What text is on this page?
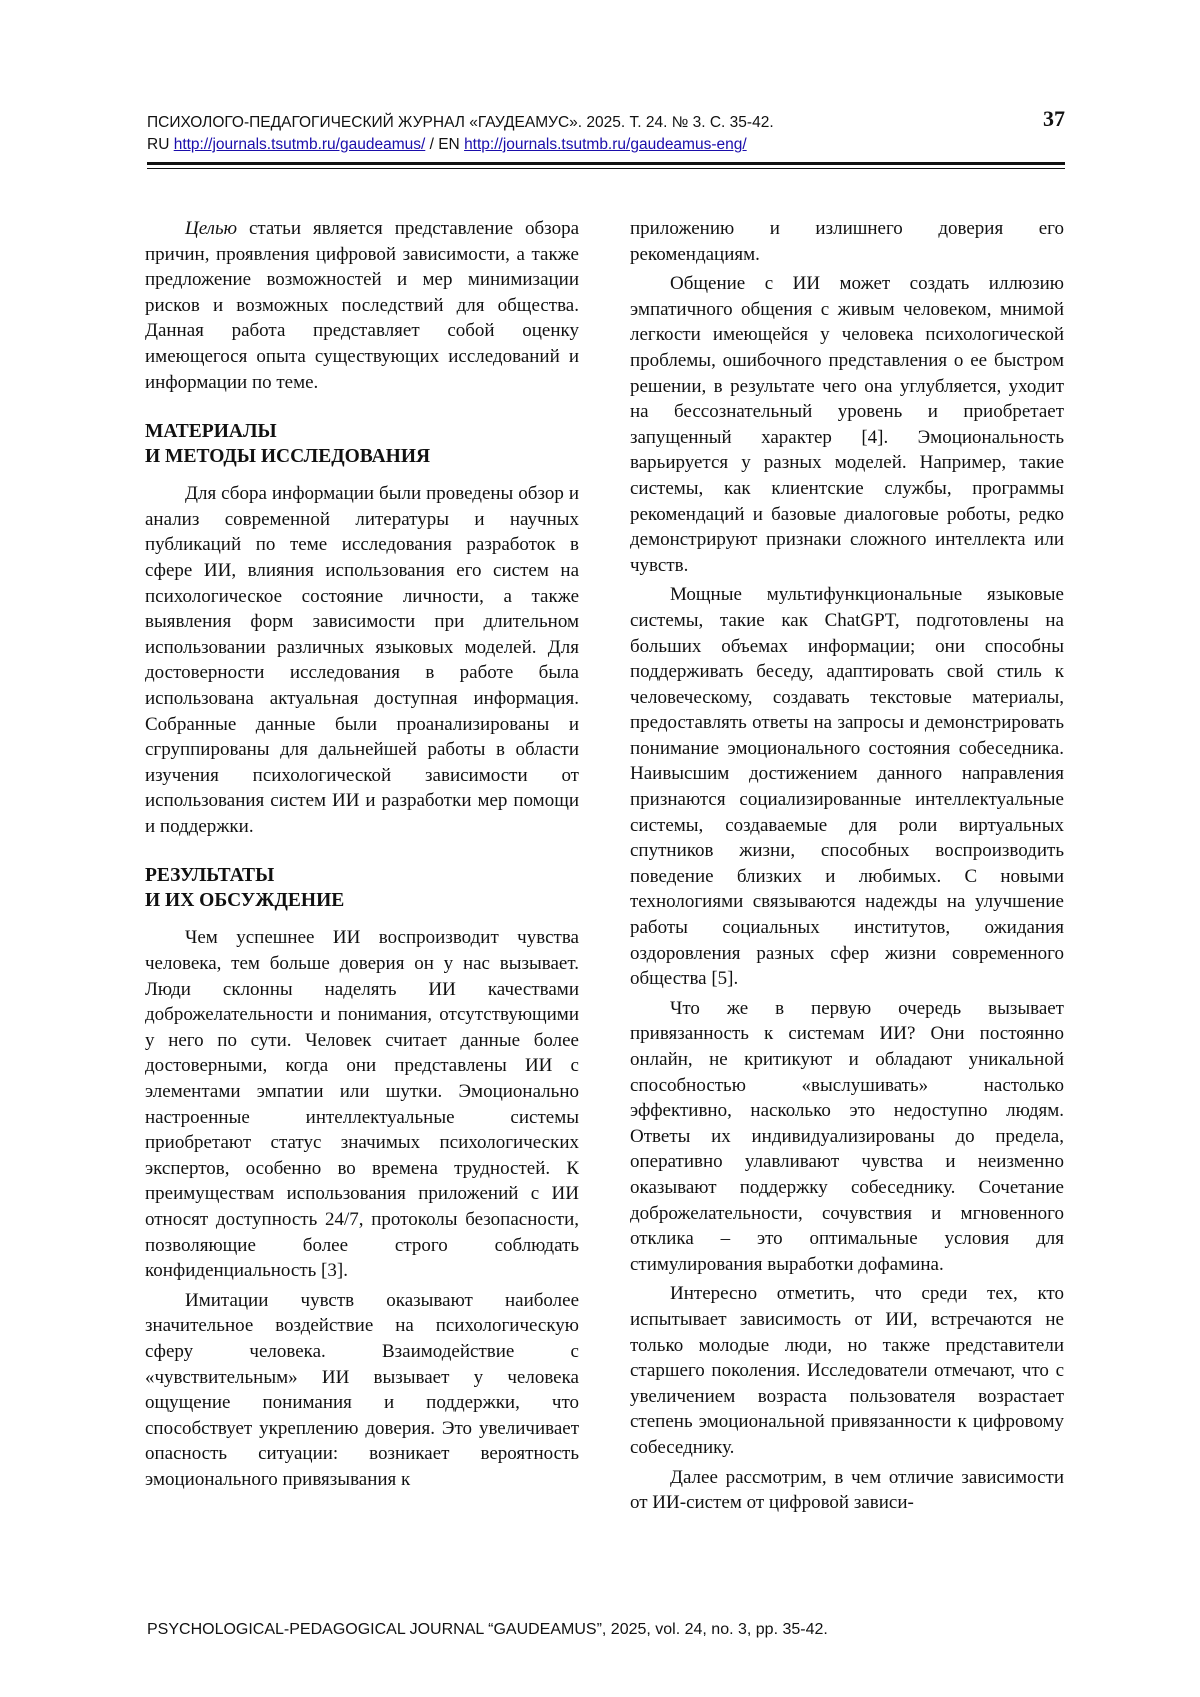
ПСИХОЛОГО-ПЕДАГОГИЧЕСКИЙ ЖУРНАЛ «ГАУДЕАМУС». 2025. Т. 24. № 3. С. 35-42.
RU http://journals.tsutmb.ru/gaudeamus/ / EN http://journals.tsutmb.ru/gaudeamus-eng/
37

Целью статьи является представление обзора причин, проявления цифровой зависимости, а также предложение возможностей и мер минимизации рисков и возможных последствий для общества. Данная работа представляет собой оценку имеющегося опыта существующих исследований и информации по теме.

МАТЕРИАЛЫ
И МЕТОДЫ ИССЛЕДОВАНИЯ

Для сбора информации были проведены обзор и анализ современной литературы и научных публикаций по теме исследования разработок в сфере ИИ, влияния использования его систем на психологическое состояние личности, а также выявления форм зависимости при длительном использовании различных языковых моделей. Для достоверности исследования в работе была использована актуальная доступная информация. Собранные данные были проанализированы и сгруппированы для дальнейшей работы в области изучения психологической зависимости от использования систем ИИ и разработки мер помощи и поддержки.

РЕЗУЛЬТАТЫ
И ИХ ОБСУЖДЕНИЕ

Чем успешнее ИИ воспроизводит чувства человека, тем больше доверия он у нас вызывает. Люди склонны наделять ИИ качествами доброжелательности и понимания, отсутствующими у него по сути. Человек считает данные более достоверными, когда они представлены ИИ с элементами эмпатии или шутки. Эмоционально настроенные интеллектуальные системы приобретают статус значимых психологических экспертов, особенно во времена трудностей. К преимуществам использования приложений с ИИ относят доступность 24/7, протоколы безопасности, позволяющие более строго соблюдать конфиденциальность [3].

Имитации чувств оказывают наиболее значительное воздействие на психологическую сферу человека. Взаимодействие с «чувствительным» ИИ вызывает у человека ощущение понимания и поддержки, что способствует укреплению доверия. Это увеличивает опасность ситуации: возникает вероятность эмоционального привязывания к

приложению и излишнего доверия его рекомендациям.

Общение с ИИ может создать иллюзию эмпатичного общения с живым человеком, мнимой легкости имеющейся у человека психологической проблемы, ошибочного представления о ее быстром решении, в результате чего она углубляется, уходит на бессознательный уровень и приобретает запущенный характер [4]. Эмоциональность варьируется у разных моделей. Например, такие системы, как клиентские службы, программы рекомендаций и базовые диалоговые роботы, редко демонстрируют признаки сложного интеллекта или чувств.

Мощные мультифункциональные языковые системы, такие как ChatGPT, подготовлены на больших объемах информации; они способны поддерживать беседу, адаптировать свой стиль к человеческому, создавать текстовые материалы, предоставлять ответы на запросы и демонстрировать понимание эмоционального состояния собеседника. Наивысшим достижением данного направления признаются социализированные интеллектуальные системы, создаваемые для роли виртуальных спутников жизни, способных воспроизводить поведение близких и любимых. С новыми технологиями связываются надежды на улучшение работы социальных институтов, ожидания оздоровления разных сфер жизни современного общества [5].

Что же в первую очередь вызывает привязанность к системам ИИ? Они постоянно онлайн, не критикуют и обладают уникальной способностью «выслушивать» настолько эффективно, насколько это недоступно людям. Ответы их индивидуализированы до предела, оперативно улавливают чувства и неизменно оказывают поддержку собеседнику. Сочетание доброжелательности, сочувствия и мгновенного отклика – это оптимальные условия для стимулирования выработки дофамина.

Интересно отметить, что среди тех, кто испытывает зависимость от ИИ, встречаются не только молодые люди, но также представители старшего поколения. Исследователи отмечают, что с увеличением возраста пользователя возрастает степень эмоциональной привязанности к цифровому собеседнику.

Далее рассмотрим, в чем отличие зависимости от ИИ-систем от цифровой зависи-

PSYCHOLOGICAL-PEDAGOGICAL JOURNAL “GAUDEAMUS”, 2025, vol. 24, no. 3, pp. 35-42.
